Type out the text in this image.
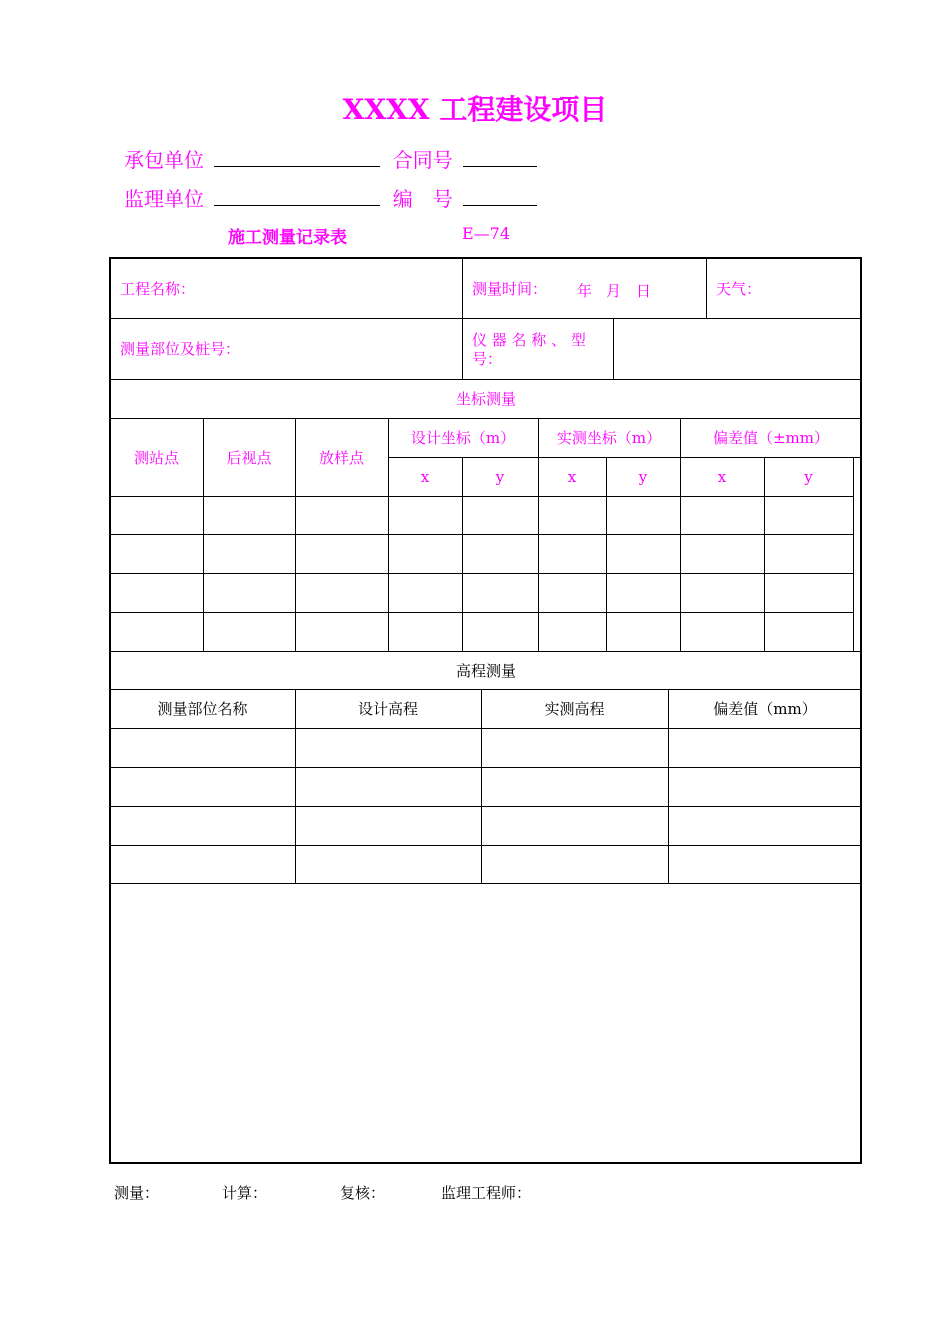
XXXX 工程建设项目
承包单位	合同号
监理单位	编　号
施工测量记录表	E—74
工程名称：	测量时间：	年 月 日	天气：
测量部位及桩号：	仪 器 名 称 、 型
号：
坐标测量
测站点	后视点	放样点
设计坐标（m）	实测坐标（m）	偏差值（±mm）
x	y	x	y	x	y
高程测量
测量部位名称	设计高程	实测高程	偏差值（mm）
测量：	计算：	复核：	监理工程师：
